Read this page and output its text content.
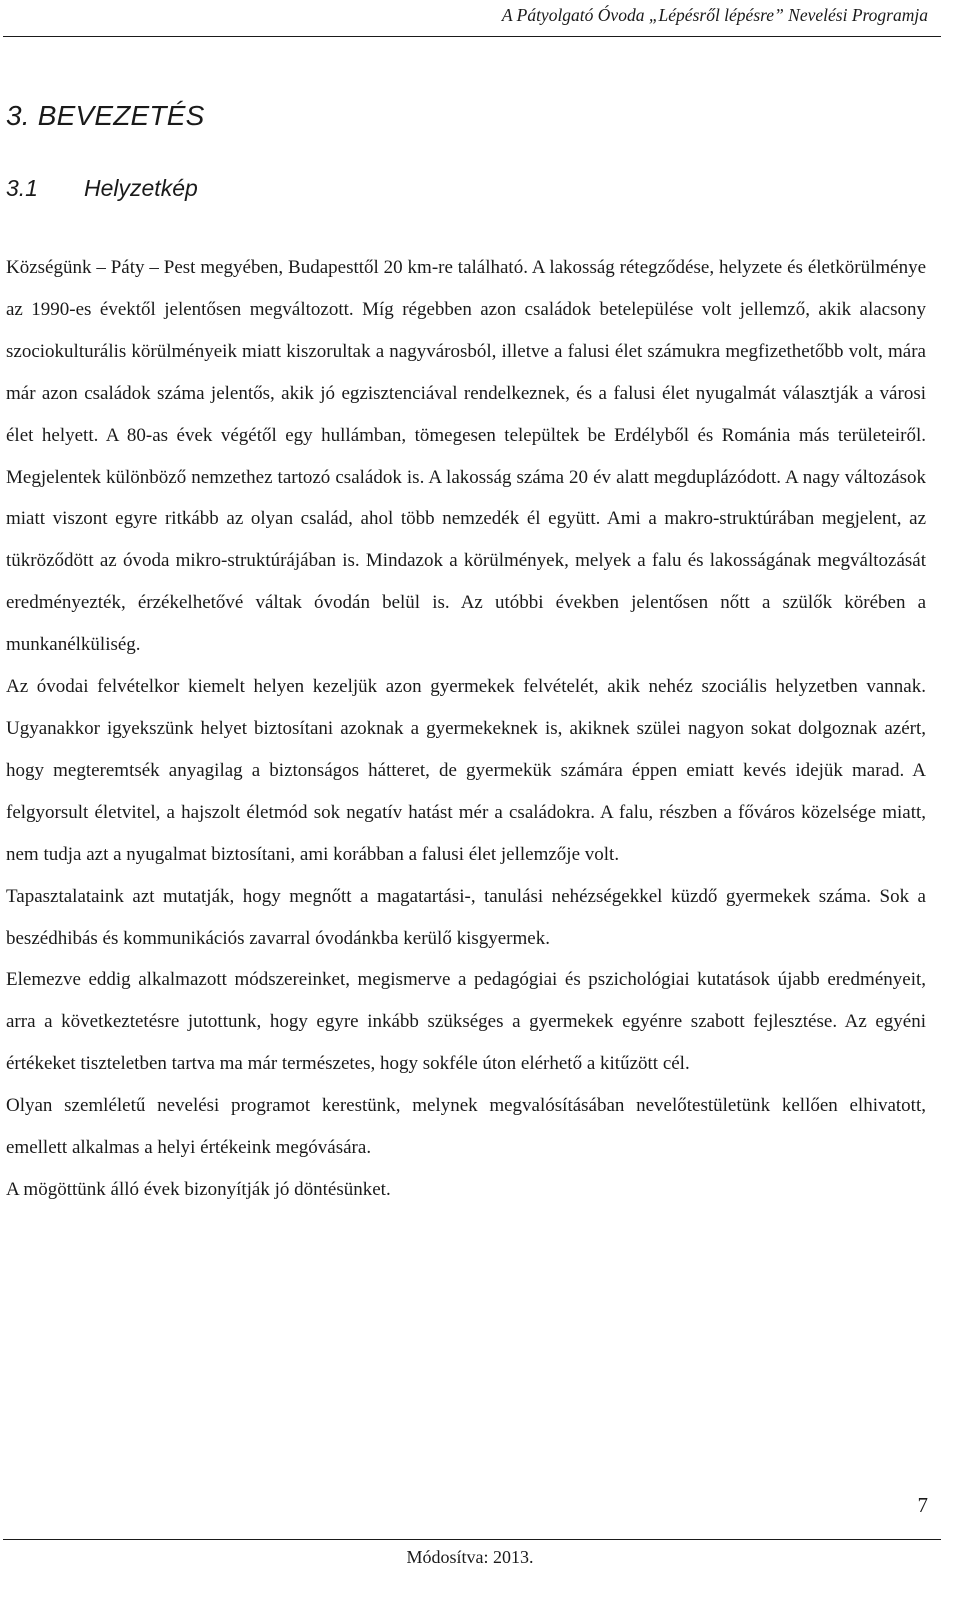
A Pátyolgató Óvoda „Lépésről lépésre” Nevelési Programja
3. BEVEZETÉS
3.1 Helyzetkép

Községünk – Páty – Pest megyében, Budapesttől 20 km-re található. A lakosság rétegződése, helyzete és életkörülménye az 1990-es évektől jelentősen megváltozott. Míg régebben azon családok betelepülése volt jellemző, akik alacsony szociokulturális körülményeik miatt kiszorultak a nagyvárosból, illetve a falusi élet számukra megfizethetőbb volt, mára már azon családok száma jelentős, akik jó egzisztenciával rendelkeznek, és a falusi élet nyugalmát választják a városi élet helyett. A 80-as évek végétől egy hullámban, tömegesen települtek be Erdélyből és Románia más területeiről. Megjelentek különböző nemzethez tartozó családok is. A lakosság száma 20 év alatt megduplázódott. A nagy változások miatt viszont egyre ritkább az olyan család, ahol több nemzedék él együtt. Ami a makro-struktúrában megjelent, az tükröződött az óvoda mikro-struktúrájában is. Mindazok a körülmények, melyek a falu és lakosságának megváltozását eredményezték, érzékelhetővé váltak óvodán belül is. Az utóbbi években jelentősen nőtt a szülők körében a munkanélküliség.

Az óvodai felvételkor kiemelt helyen kezeljük azon gyermekek felvételét, akik nehéz szociális helyzetben vannak. Ugyanakkor igyekszünk helyet biztosítani azoknak a gyermekeknek is, akiknek szülei nagyon sokat dolgoznak azért, hogy megteremtsék anyagilag a biztonságos hátteret, de gyermekük számára éppen emiatt kevés idejük marad. A felgyorsult életvitel, a hajszolt életmód sok negatív hatást mér a családokra. A falu, részben a főváros közelsége miatt, nem tudja azt a nyugalmat biztosítani, ami korábban a falusi élet jellemzője volt.

Tapasztalataink azt mutatják, hogy megnőtt a magatartási-, tanulási nehézségekkel küzdő gyermekek száma. Sok a beszédhibás és kommunikációs zavarral óvodánkba kerülő kisgyermek.

Elemezve eddig alkalmazott módszereinket, megismerve a pedagógiai és pszichológiai kutatások újabb eredményeit, arra a következtetésre jutottunk, hogy egyre inkább szükséges a gyermekek egyénre szabott fejlesztése. Az egyéni értékeket tiszteletben tartva ma már természetes, hogy sokféle úton elérhető a kitűzött cél.

Olyan szemléletű nevelési programot kerestünk, melynek megvalósításában nevelőtestületünk kellően elhivatott, emellett alkalmas a helyi értékeink megóvására.

A mögöttünk álló évek bizonyítják jó döntésünket.

7
Módosítva: 2013.
